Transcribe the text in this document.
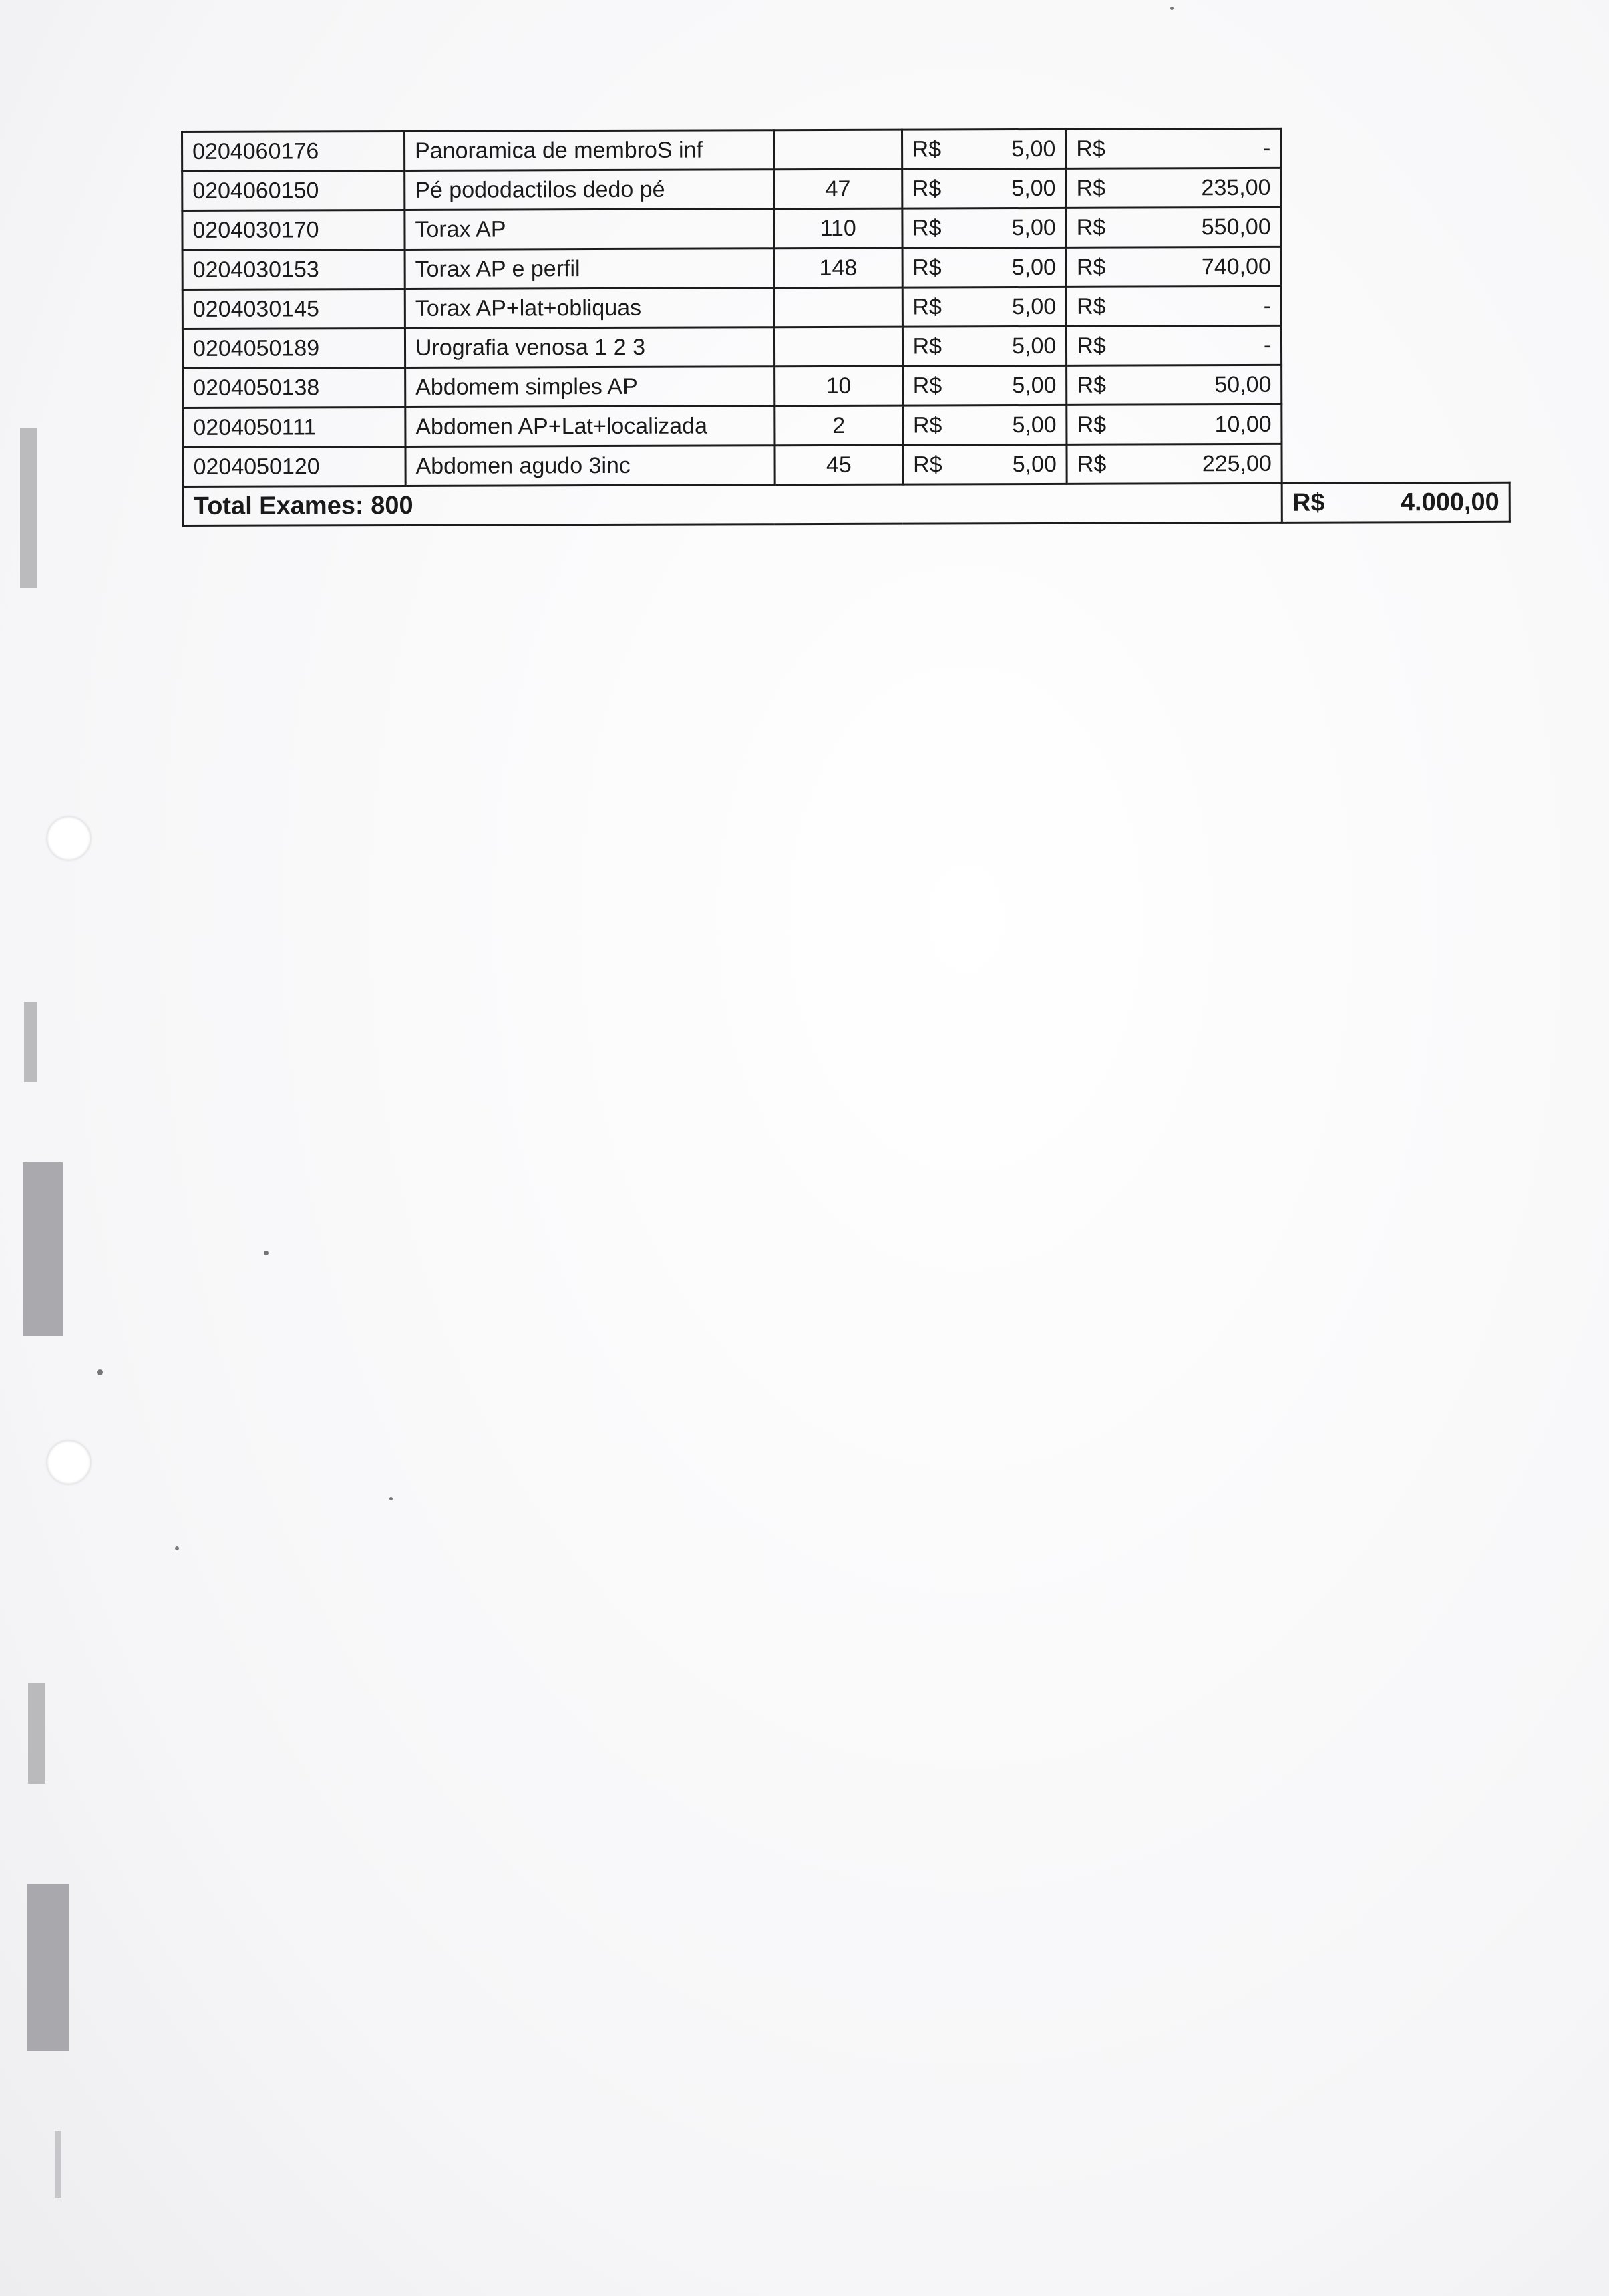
0204060176	Panoramica de membroS inf		R$ 5,00	R$ -	

0204060150	Pé pododactilos dedo pé	47	R$ 5,00	R$ 235,00	

0204030170	Torax AP	110	R$ 5,00	R$ 550,00	

0204030153	Torax AP e perfil	148	R$ 5,00	R$ 740,00	

0204030145	Torax AP+lat+obliquas		R$ 5,00	R$ -	

0204050189	Urografia venosa 1 2 3		R$ 5,00	R$ -	

0204050138	Abdomem simples AP	10	R$ 5,00	R$ 50,00	

0204050111	Abdomen AP+Lat+localizada	2	R$ 5,00	R$ 10,00	

0204050120	Abdomen agudo 3inc	45	R$ 5,00	R$ 225,00	

Total Exames: 800					R$ 4.000,00
